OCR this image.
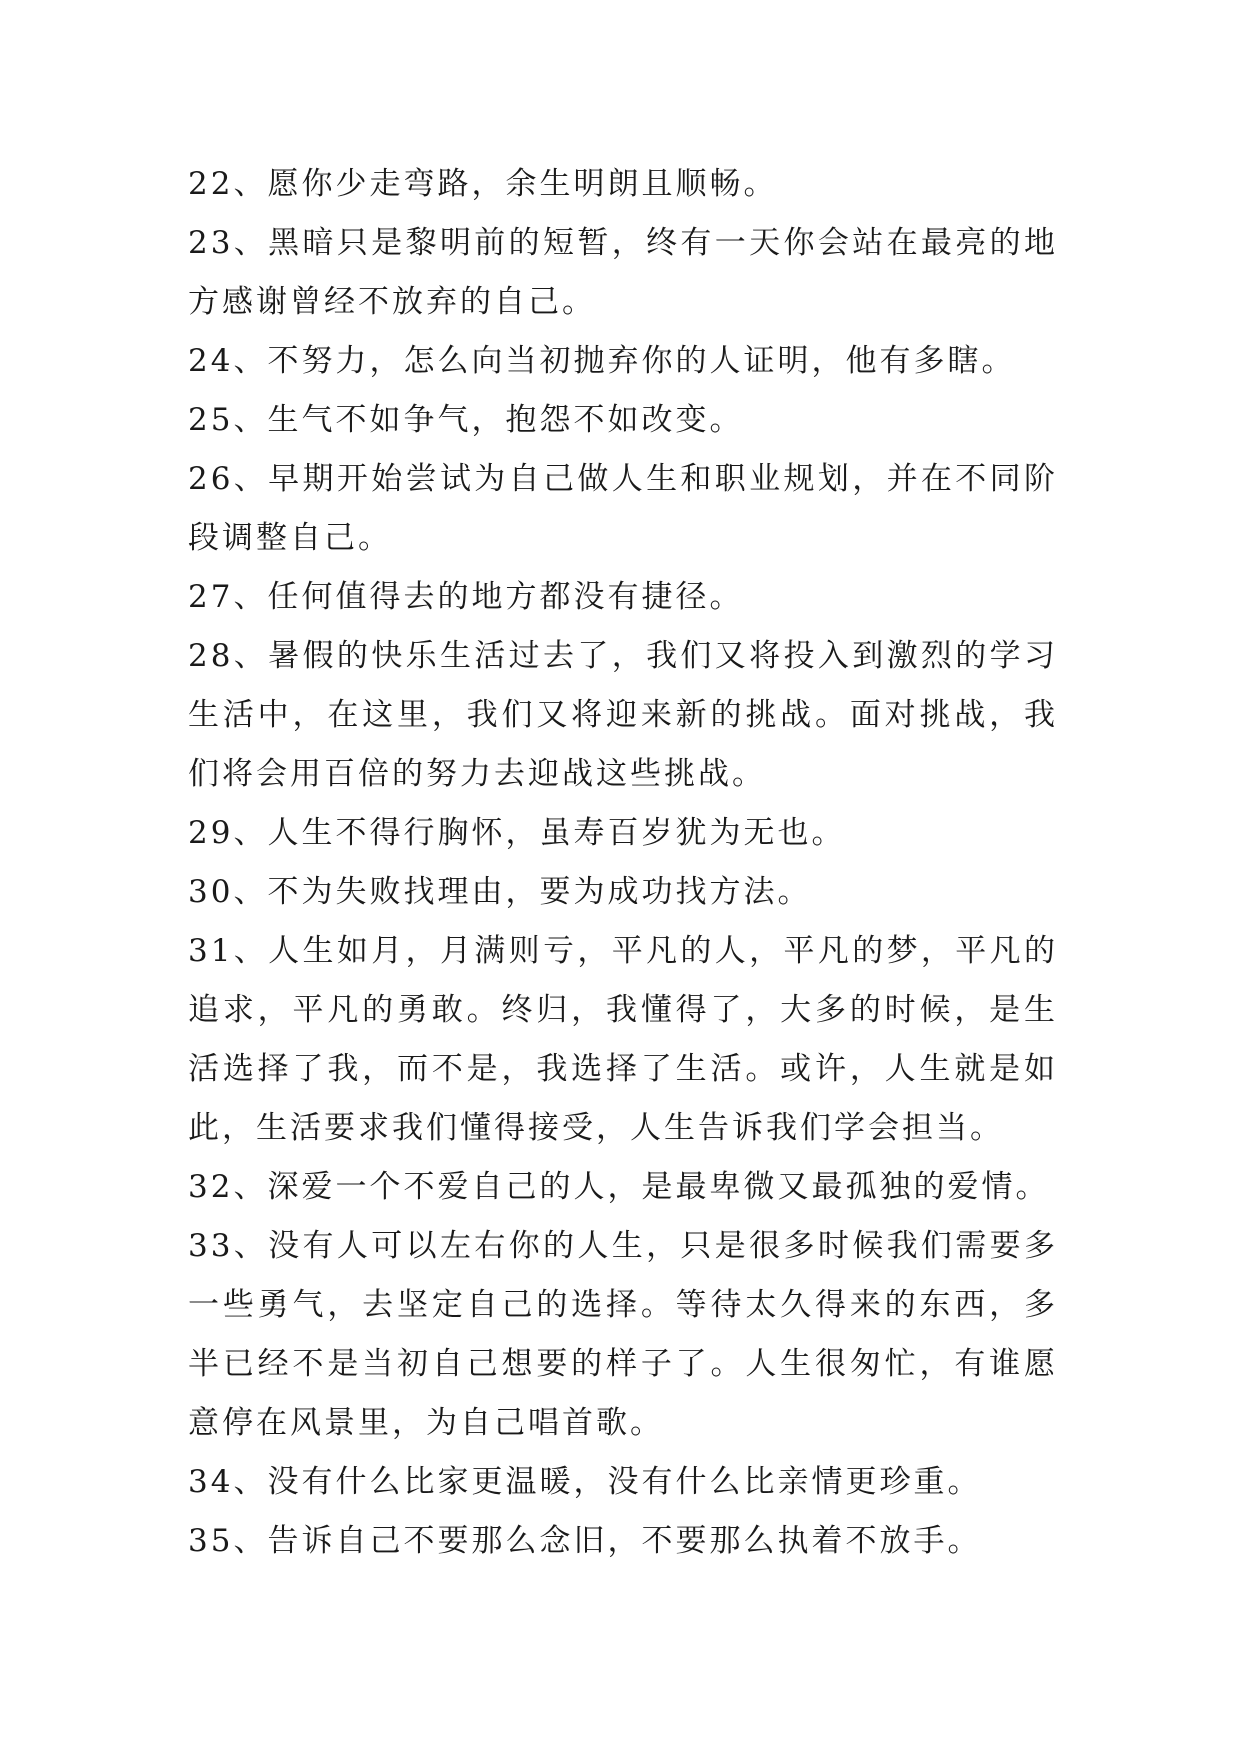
22、愿你少走弯路，余生明朗且顺畅。

23、黑暗只是黎明前的短暂，终有一天你会站在最亮的地方感谢曾经不放弃的自己。

24、不努力，怎么向当初抛弃你的人证明，他有多瞎。

25、生气不如争气，抱怨不如改变。

26、早期开始尝试为自己做人生和职业规划，并在不同阶段调整自己。

27、任何值得去的地方都没有捷径。

28、暑假的快乐生活过去了，我们又将投入到激烈的学习生活中，在这里，我们又将迎来新的挑战。面对挑战，我们将会用百倍的努力去迎战这些挑战。

29、人生不得行胸怀，虽寿百岁犹为无也。

30、不为失败找理由，要为成功找方法。

31、人生如月，月满则亏，平凡的人，平凡的梦，平凡的追求，平凡的勇敢。终归，我懂得了，大多的时候，是生活选择了我，而不是，我选择了生活。或许，人生就是如此，生活要求我们懂得接受，人生告诉我们学会担当。

32、深爱一个不爱自己的人，是最卑微又最孤独的爱情。

33、没有人可以左右你的人生，只是很多时候我们需要多一些勇气，去坚定自己的选择。等待太久得来的东西，多半已经不是当初自己想要的样子了。人生很匆忙，有谁愿意停在风景里，为自己唱首歌。

34、没有什么比家更温暖，没有什么比亲情更珍重。

35、告诉自己不要那么念旧，不要那么执着不放手。
